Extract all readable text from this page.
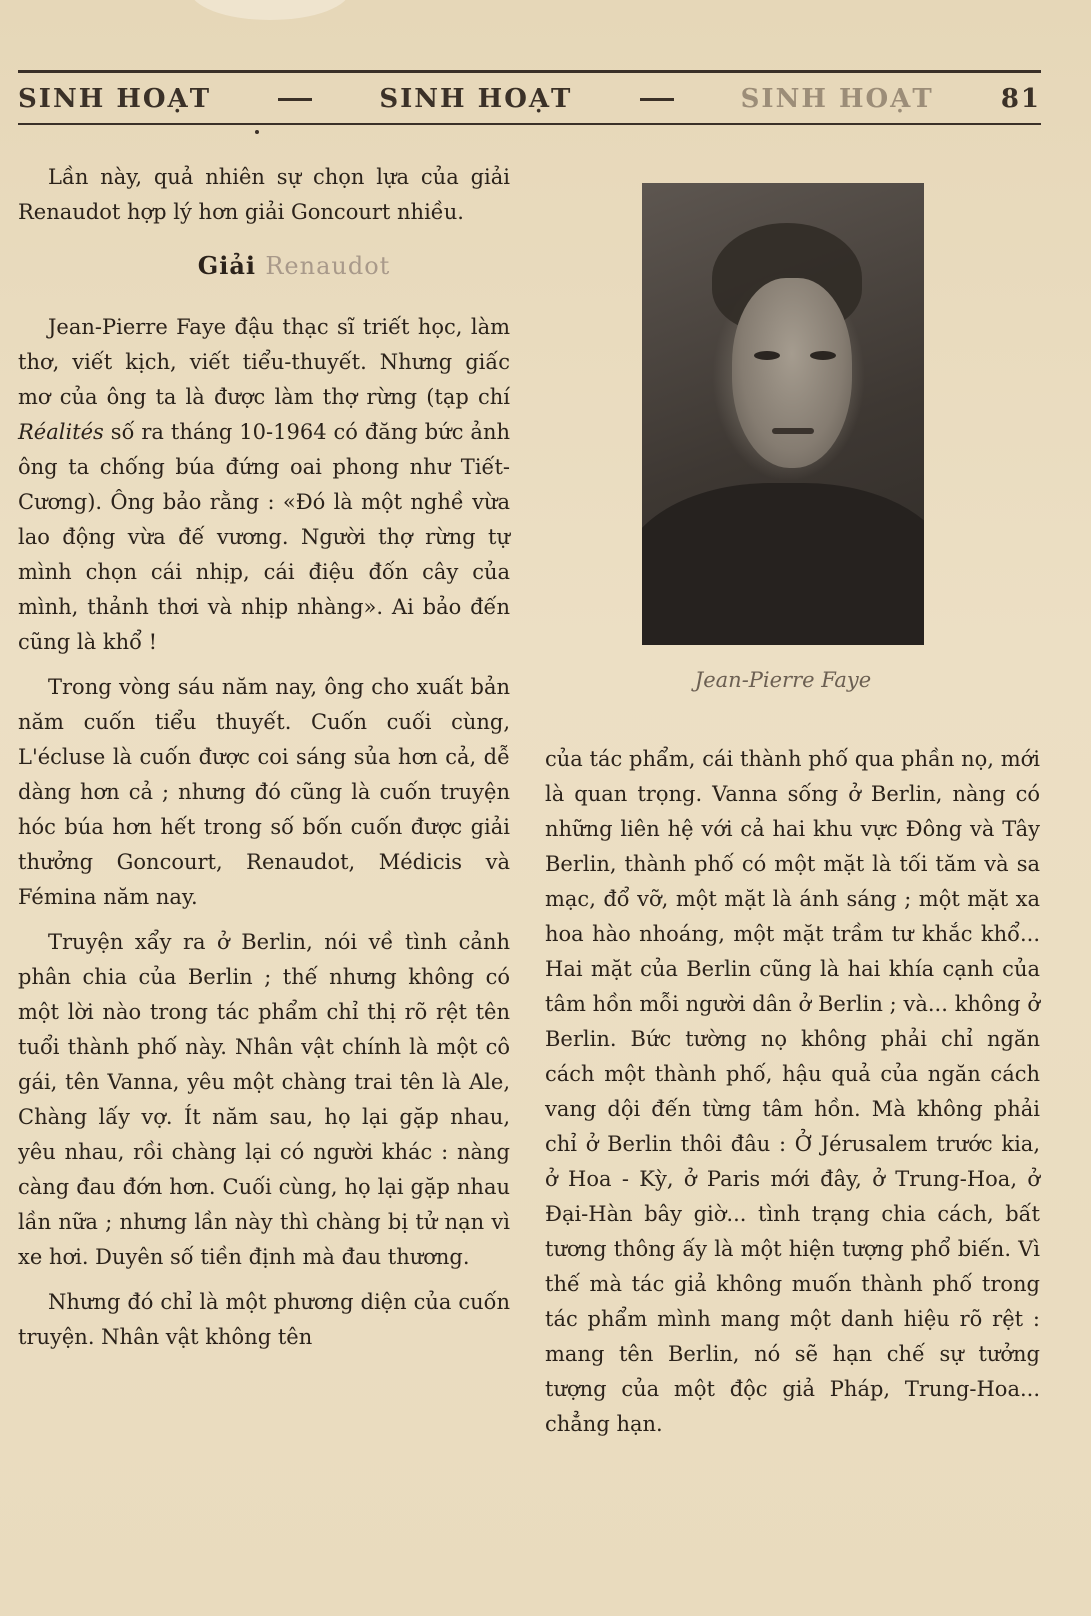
SINH HOẠT	SINH HOẠT	SINH HOẠT	81

Lần này, quả nhiên sự chọn lựa của giải Renaudot hợp lý hơn giải Goncourt nhiều.

Giải Renaudot

Jean-Pierre Faye đậu thạc sĩ triết học, làm thơ, viết kịch, viết tiểu-thuyết. Nhưng giấc mơ của ông ta là được làm thợ rừng (tạp chí Réalités số ra tháng 10-1964 có đăng bức ảnh ông ta chống búa đứng oai phong như Tiết-Cương). Ông bảo rằng : «Đó là một nghề vừa lao động vừa đế vương. Người thợ rừng tự mình chọn cái nhịp, cái điệu đốn cây của mình, thảnh thơi và nhịp nhàng». Ai bảo đến cũng là khổ !

Trong vòng sáu năm nay, ông cho xuất bản năm cuốn tiểu thuyết. Cuốn cuối cùng, L'écluse là cuốn được coi sáng sủa hơn cả, dễ dàng hơn cả ; nhưng đó cũng là cuốn truyện hóc búa hơn hết trong số bốn cuốn được giải thưởng Goncourt, Renaudot, Médicis và Fémina năm nay.

Truyện xẩy ra ở Berlin, nói về tình cảnh phân chia của Berlin ; thế nhưng không có một lời nào trong tác phẩm chỉ thị rõ rệt tên tuổi thành phố này. Nhân vật chính là một cô gái, tên Vanna, yêu một chàng trai tên là Ale, Chàng lấy vợ. Ít năm sau, họ lại gặp nhau, yêu nhau, rồi chàng lại có người khác : nàng càng đau đớn hơn. Cuối cùng, họ lại gặp nhau lần nữa ; nhưng lần này thì chàng bị tử nạn vì xe hơi. Duyên số tiền định mà đau thương.

Nhưng đó chỉ là một phương diện của cuốn truyện. Nhân vật không tên

Jean-Pierre Faye

của tác phẩm, cái thành phố qua phần nọ, mới là quan trọng. Vanna sống ở Berlin, nàng có những liên hệ với cả hai khu vực Đông và Tây Berlin, thành phố có một mặt là tối tăm và sa mạc, đổ vỡ, một mặt là ánh sáng ; một mặt xa hoa hào nhoáng, một mặt trầm tư khắc khổ... Hai mặt của Berlin cũng là hai khía cạnh của tâm hồn mỗi người dân ở Berlin ; và... không ở Berlin. Bức tường nọ không phải chỉ ngăn cách một thành phố, hậu quả của ngăn cách vang dội đến từng tâm hồn. Mà không phải chỉ ở Berlin thôi đâu : Ở Jérusalem trước kia, ở Hoa - Kỳ, ở Paris mới đây, ở Trung-Hoa, ở Đại-Hàn bây giờ... tình trạng chia cách, bất tương thông ấy là một hiện tượng phổ biến. Vì thế mà tác giả không muốn thành phố trong tác phẩm mình mang một danh hiệu rõ rệt : mang tên Berlin, nó sẽ hạn chế sự tưởng tượng của một độc giả Pháp, Trung-Hoa... chẳng hạn.
